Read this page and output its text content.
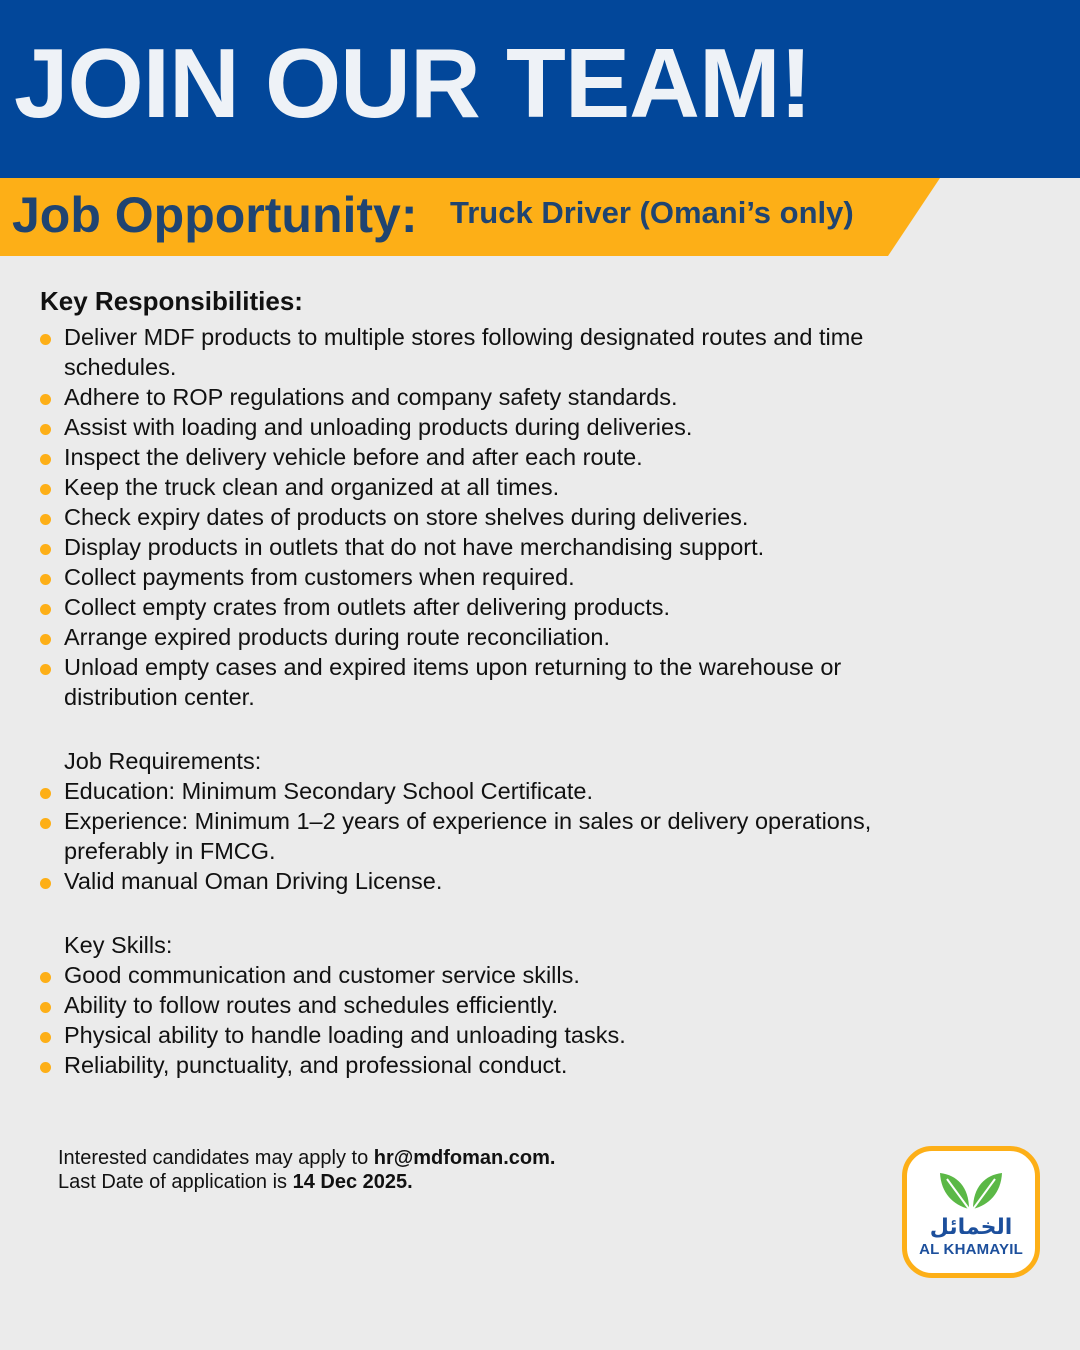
JOIN OUR TEAM!
Job Opportunity: Truck Driver (Omani’s only)
Key Responsibilities:
Deliver MDF products to multiple stores following designated routes and time schedules.
Adhere to ROP regulations and company safety standards.
Assist with loading and unloading products during deliveries.
Inspect the delivery vehicle before and after each route.
Keep the truck clean and organized at all times.
Check expiry dates of products on store shelves during deliveries.
Display products in outlets that do not have merchandising support.
Collect payments from customers when required.
Collect empty crates from outlets after delivering products.
Arrange expired products during route reconciliation.
Unload empty cases and expired items upon returning to the warehouse or distribution center.
Job Requirements:
Education: Minimum Secondary School Certificate.
Experience: Minimum 1–2 years of experience in sales or delivery operations, preferably in FMCG.
Valid manual Oman Driving License.
Key Skills:
Good communication and customer service skills.
Ability to follow routes and schedules efficiently.
Physical ability to handle loading and unloading tasks.
Reliability, punctuality, and professional conduct.
Interested candidates may apply to hr@mdfoman.com.
Last Date of application is 14 Dec 2025.
الخمائل
AL KHAMAYIL
